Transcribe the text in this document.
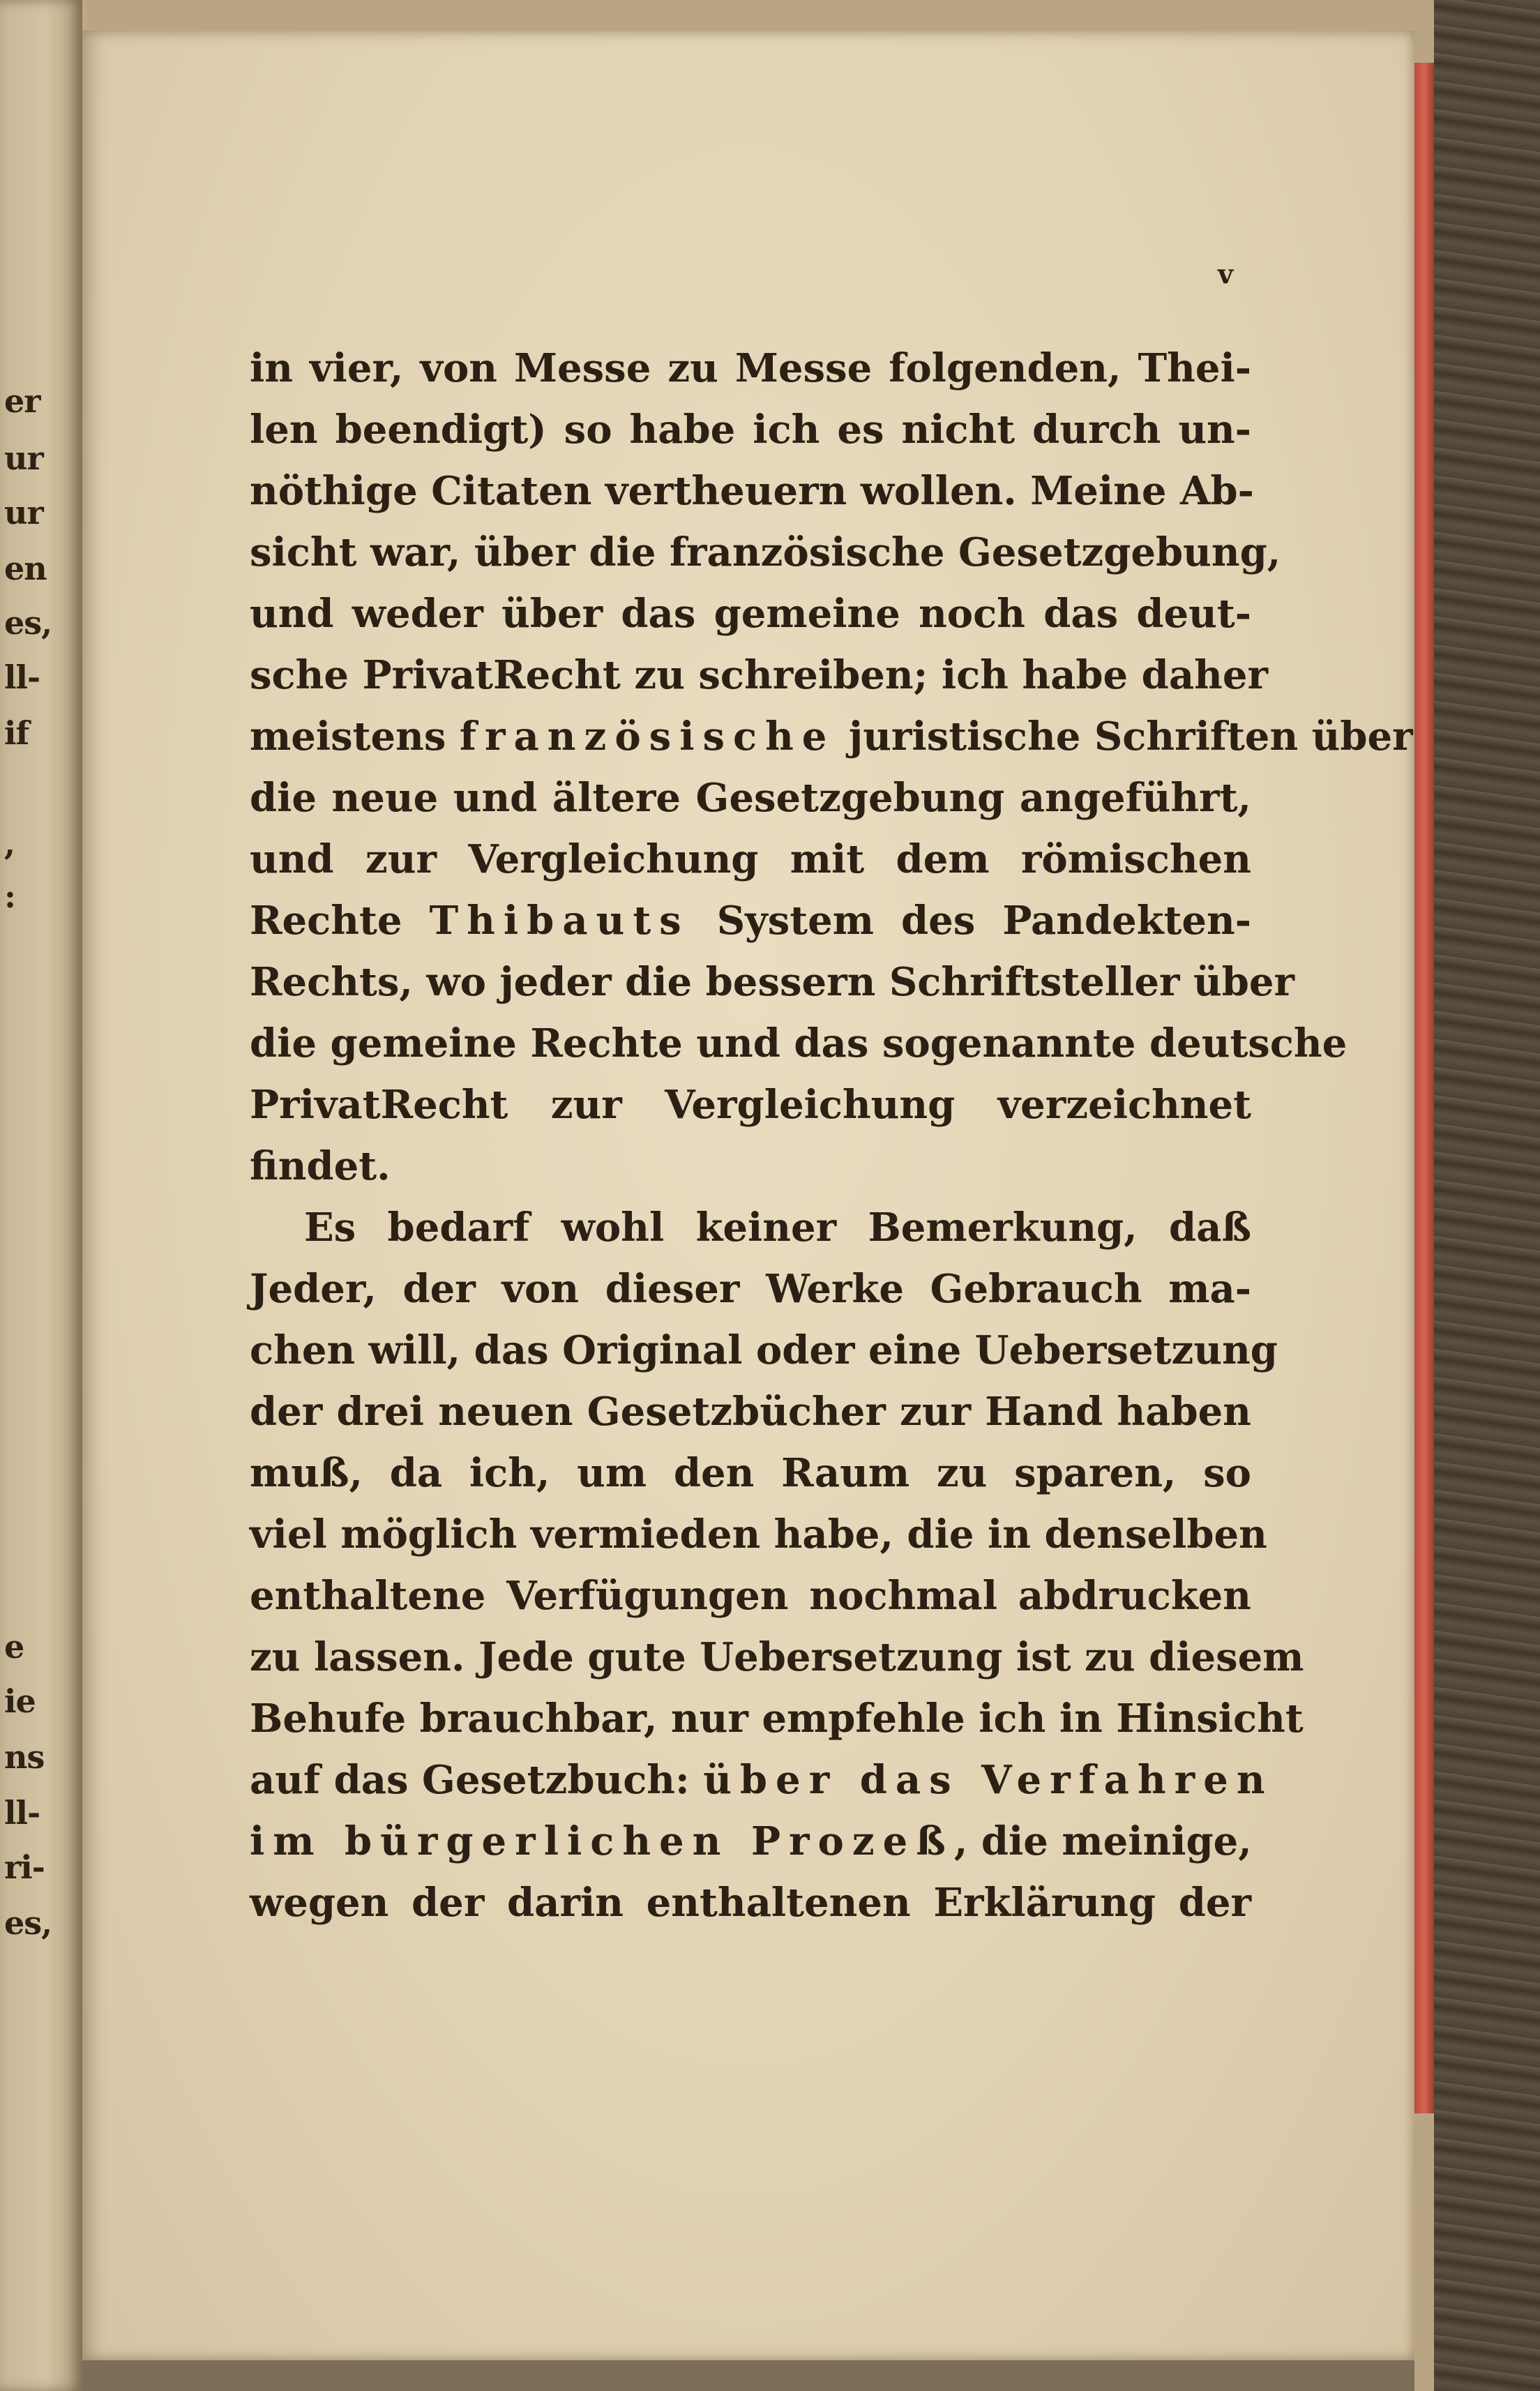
er
ur
ur
en
es,
ll-
if
,
:
e
ie
ns
ll-
ri-
es,
v
in vier, von Messe zu Messe folgenden, Thei-
len beendigt) so habe ich es nicht durch un-
nöthige Citaten vertheuern wollen. Meine Ab-
sicht war, über die französische Gesetzgebung,
und weder über das gemeine noch das deut-
sche PrivatRecht zu schreiben; ich habe daher
meistens französische juristische Schriften über
die neue und ältere Gesetzgebung angeführt,
und zur Vergleichung mit dem römischen
Rechte Thibauts System des Pandekten-
Rechts, wo jeder die bessern Schriftsteller über
die gemeine Rechte und das sogenannte deutsche
PrivatRecht zur Vergleichung verzeichnet
findet.
Es bedarf wohl keiner Bemerkung, daß
Jeder, der von dieser Werke Gebrauch ma-
chen will, das Original oder eine Uebersetzung
der drei neuen Gesetzbücher zur Hand haben
muß, da ich, um den Raum zu sparen, so
viel möglich vermieden habe, die in denselben
enthaltene Verfügungen nochmal abdrucken
zu lassen. Jede gute Uebersetzung ist zu diesem
Behufe brauchbar, nur empfehle ich in Hinsicht
auf das Gesetzbuch: über das Verfahren
im bürgerlichen Prozeß, die meinige,
wegen der darin enthaltenen Erklärung der
